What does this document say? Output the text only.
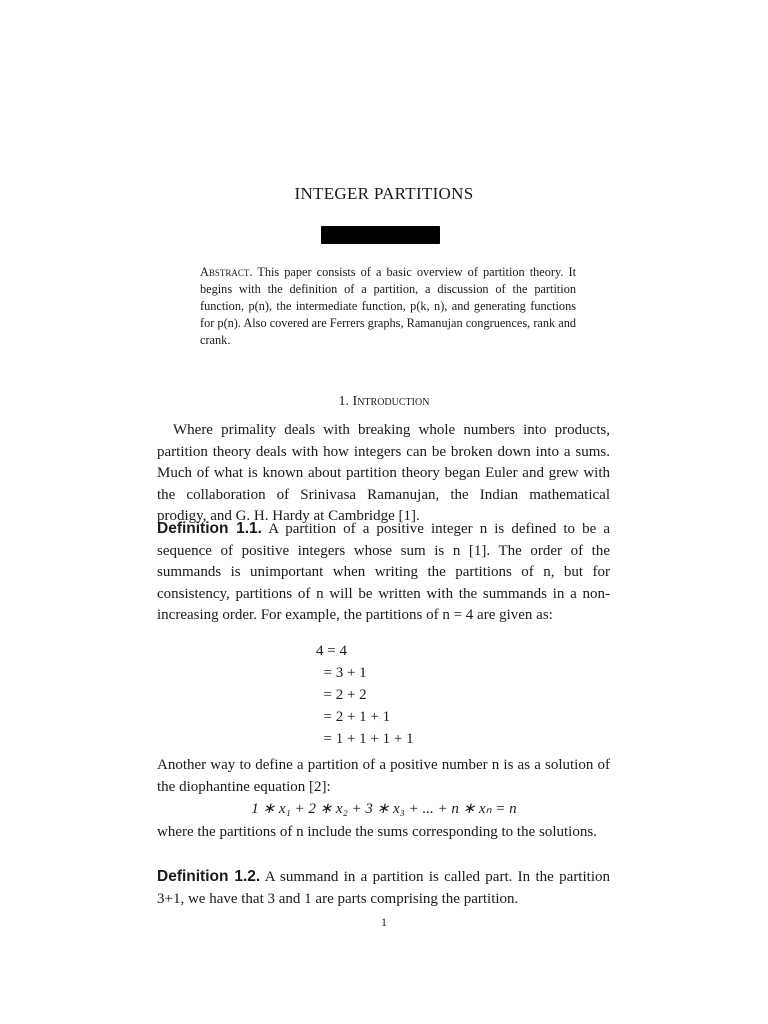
INTEGER PARTITIONS
Abstract. This paper consists of a basic overview of partition theory. It begins with the definition of a partition, a discussion of the partition function, p(n), the intermediate function, p(k, n), and generating functions for p(n). Also covered are Ferrers graphs, Ramanujan congruences, rank and crank.
1. Introduction
Where primality deals with breaking whole numbers into products, partition theory deals with how integers can be broken down into a sums. Much of what is known about partition theory began Euler and grew with the collaboration of Srinivasa Ramanujan, the Indian mathematical prodigy, and G. H. Hardy at Cambridge [1].
Definition 1.1. A partition of a positive integer n is defined to be a sequence of positive integers whose sum is n [1]. The order of the summands is unimportant when writing the partitions of n, but for consistency, partitions of n will be written with the summands in a non-increasing order. For example, the partitions of n = 4 are given as:
4 = 4
= 3 + 1
= 2 + 2
= 2 + 1 + 1
= 1 + 1 + 1 + 1
Another way to define a partition of a positive number n is as a solution of the diophantine equation [2]:
1 ∗ x₁ + 2 ∗ x₂ + 3 ∗ x₃ + ... + n ∗ xₙ = n
where the partitions of n include the sums corresponding to the solutions.
Definition 1.2. A summand in a partition is called part. In the partition 3+1, we have that 3 and 1 are parts comprising the partition.
1
